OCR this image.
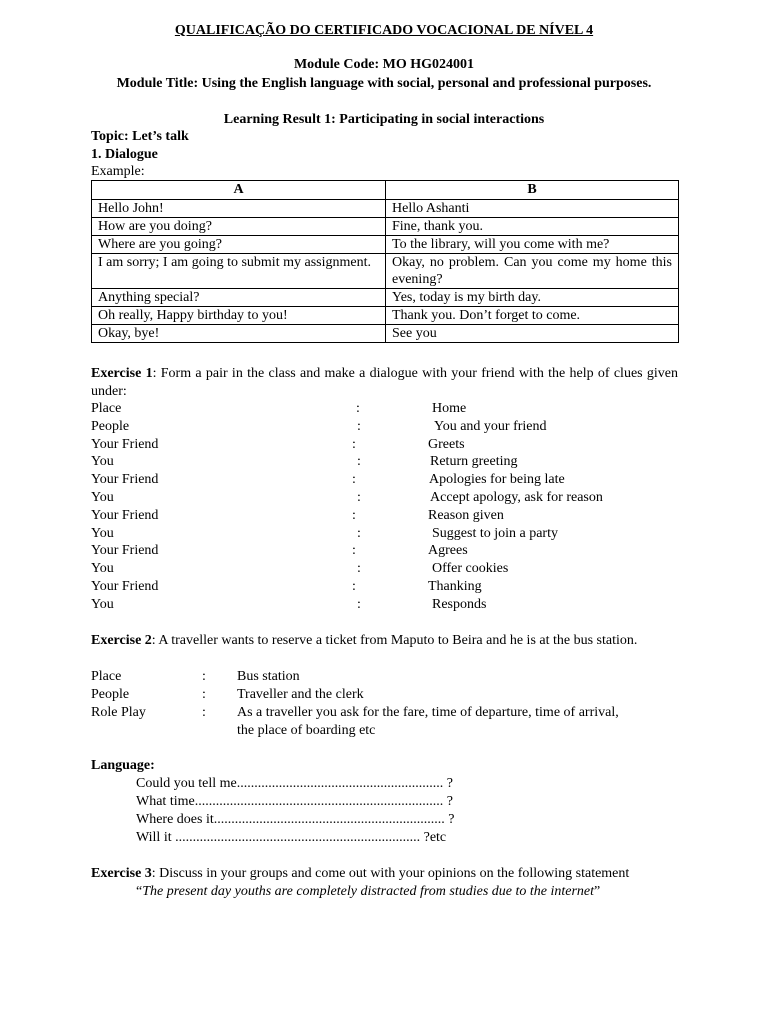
QUALIFICAÇÃO DO CERTIFICADO VOCACIONAL DE NÍVEL 4
Module Code: MO HG024001
Module Title: Using the English language with social, personal and professional purposes.
Learning Result 1: Participating in social interactions
Topic: Let’s talk
1. Dialogue
Example:
A	B
Hello John!	Hello Ashanti
How are you doing?	Fine, thank you.
Where are you going?	To the library, will you come with me?
I am sorry; I am going to submit my assignment.	Okay, no problem. Can you come my home this evening?
Anything special?	Yes, today is my birth day.
Oh really, Happy birthday to you!	Thank you. Don’t forget to come.
Okay, bye!	See you
Exercise 1: Form a pair in the class and make a dialogue with your friend with the help of clues given under:
Place	:	Home
People	:	You and your friend
Your Friend	:	Greets
You	:	Return greeting
Your Friend	:	Apologies for being late
You	:	Accept apology, ask for reason
Your Friend	:	Reason given
You	:	Suggest to join a party
Your Friend	:	Agrees
You	:	Offer cookies
Your Friend	:	Thanking
You	:	Responds
Exercise 2: A traveller wants to reserve a ticket from Maputo to Beira and he is at the bus station.
Place	: Bus station
People	: Traveller and the clerk
Role Play	: As a traveller you ask for the fare, time of departure, time of arrival,
the place of boarding etc
Language:
Could you tell me........................................................... ?
What time....................................................................... ?
Where does it.................................................................. ?
Will it ...................................................................... ?etc
Exercise 3: Discuss in your groups and come out with your opinions on the following statement
“The present day youths are completely distracted from studies due to the internet”
